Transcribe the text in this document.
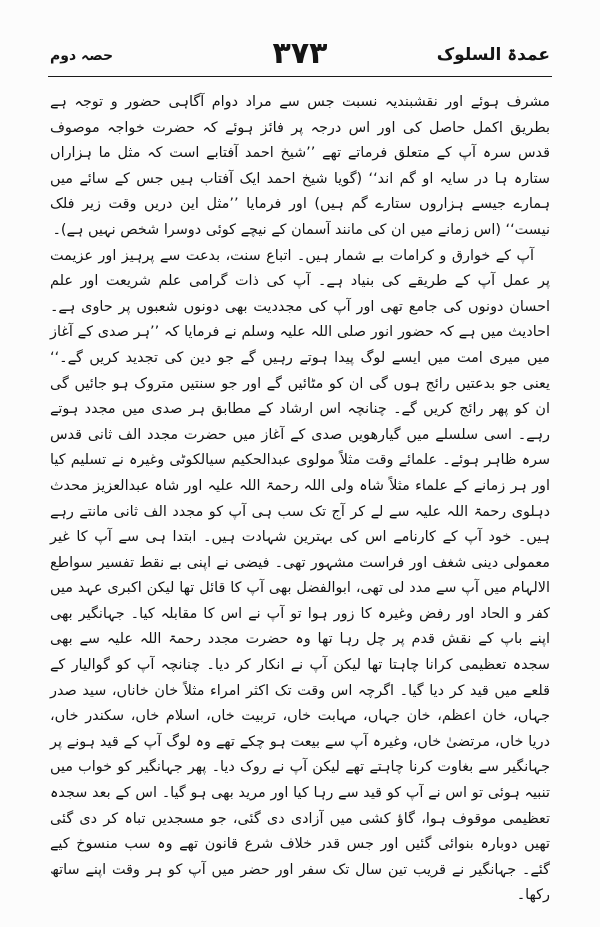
عمدۃ السلوک
۳۷۳
حصہ دوم

مشرف ہوئے اور نقشبندیہ نسبت جس سے مراد دوام آگاہی حضور و توجہ ہے بطریق اکمل حاصل کی اور اس درجہ پر فائز ہوئے کہ حضرت خواجہ موصوف قدس سرہ آپ کے متعلق فرماتے تھے ’’شیخ احمد آفتابے است کہ مثل ما ہزاراں ستارہ ہا در سایہ او گم اند‘‘ (گویا شیخ احمد ایک آفتاب ہیں جس کے سائے میں ہمارے جیسے ہزاروں ستارے گم ہیں) اور فرمایا ’’مثل این دریں وقت زیر فلک نیست‘‘ (اس زمانے میں ان کی مانند آسمان کے نیچے کوئی دوسرا شخص نہیں ہے)۔

آپ کے خوارق و کرامات بے شمار ہیں۔ اتباع سنت، بدعت سے پرہیز اور عزیمت پر عمل آپ کے طریقے کی بنیاد ہے۔ آپ کی ذات گرامی علم شریعت اور علم احسان دونوں کی جامع تھی اور آپ کی مجددیت بھی دونوں شعبوں پر حاوی ہے۔ احادیث میں ہے کہ حضور انور صلی اللہ علیہ وسلم نے فرمایا کہ ’’ہر صدی کے آغاز میں میری امت میں ایسے لوگ پیدا ہوتے رہیں گے جو دین کی تجدید کریں گے۔‘‘ یعنی جو بدعتیں رائج ہوں گی ان کو مٹائیں گے اور جو سنتیں متروک ہو جائیں گی ان کو پھر رائج کریں گے۔ چنانچہ اس ارشاد کے مطابق ہر صدی میں مجدد ہوتے رہے۔ اسی سلسلے میں گیارھویں صدی کے آغاز میں حضرت مجدد الف ثانی قدس سرہ ظاہر ہوئے۔ علمائے وقت مثلاً مولوی عبدالحکیم سیالکوٹی وغیرہ نے تسلیم کیا اور ہر زمانے کے علماء مثلاً شاہ ولی اللہ رحمۃ اللہ علیہ اور شاہ عبدالعزیز محدث دہلوی رحمۃ اللہ علیہ سے لے کر آج تک سب ہی آپ کو مجدد الف ثانی مانتے رہے ہیں۔ خود آپ کے کارنامے اس کی بہترین شہادت ہیں۔ ابتدا ہی سے آپ کا غیر معمولی دینی شغف اور فراست مشہور تھی۔ فیضی نے اپنی بے نقط تفسیر سواطع الالہام میں آپ سے مدد لی تھی، ابوالفضل بھی آپ کا قائل تھا لیکن اکبری عہد میں کفر و الحاد اور رفض وغیرہ کا زور ہوا تو آپ نے اس کا مقابلہ کیا۔ جہانگیر بھی اپنے باپ کے نقش قدم پر چل رہا تھا وہ حضرت مجدد رحمۃ اللہ علیہ سے بھی سجدہ تعظیمی کرانا چاہتا تھا لیکن آپ نے انکار کر دیا۔ چنانچہ آپ کو گوالیار کے قلعے میں قید کر دیا گیا۔ اگرچہ اس وقت تک اکثر امراء مثلاً خان خاناں، سید صدر جہاں، خان اعظم، خان جہاں، مہابت خاں، تربیت خاں، اسلام خاں، سکندر خاں، دریا خاں، مرتضیٰ خاں، وغیرہ آپ سے بیعت ہو چکے تھے وہ لوگ آپ کے قید ہونے پر جہانگیر سے بغاوت کرنا چاہتے تھے لیکن آپ نے روک دیا۔ پھر جہانگیر کو خواب میں تنبیہ ہوئی تو اس نے آپ کو قید سے رہا کیا اور مرید بھی ہو گیا۔ اس کے بعد سجدہ تعظیمی موقوف ہوا، گاؤ کشی میں آزادی دی گئی، جو مسجدیں تباہ کر دی گئی تھیں دوبارہ بنوائی گئیں اور جس قدر خلاف شرع قانون تھے وہ سب منسوخ کیے گئے۔ جہانگیر نے قریب تین سال تک سفر اور حضر میں آپ کو ہر وقت اپنے ساتھ رکھا۔
